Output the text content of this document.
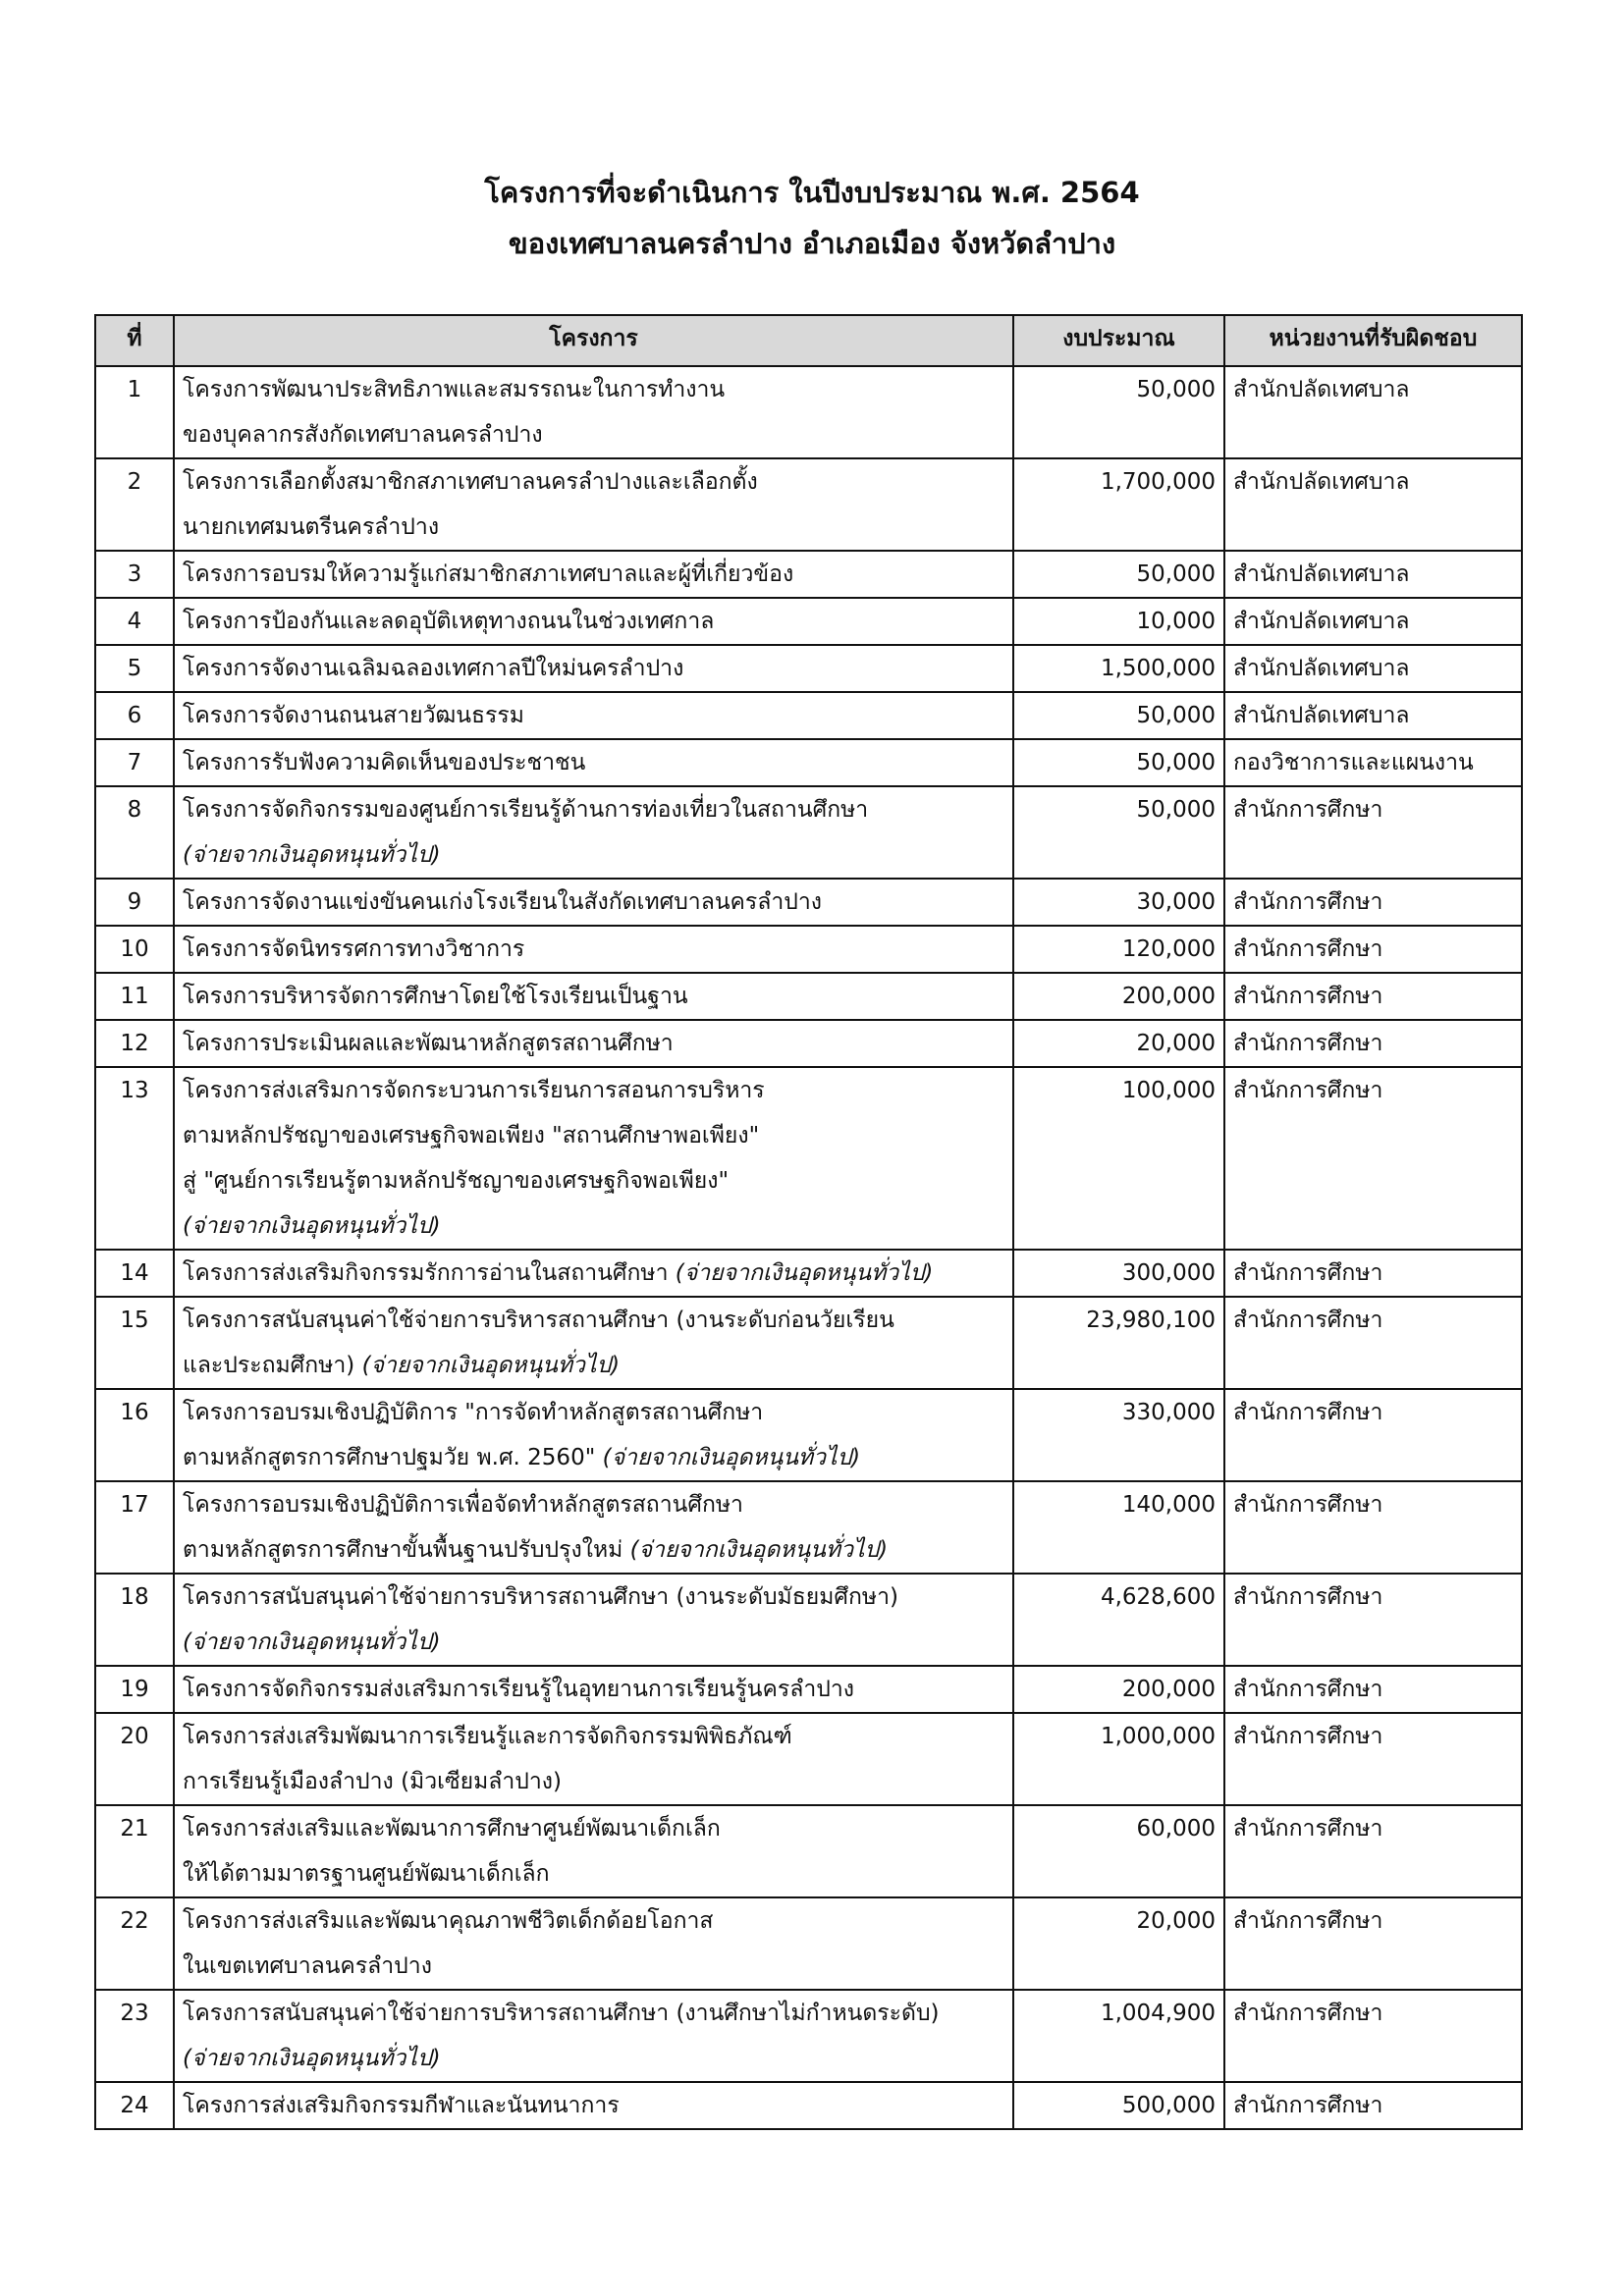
โครงการที่จะดำเนินการ ในปีงบประมาณ พ.ศ. 2564
ของเทศบาลนครลำปาง อำเภอเมือง จังหวัดลำปาง
ที่	โครงการ	งบประมาณ	หน่วยงานที่รับผิดชอบ
1	โครงการพัฒนาประสิทธิภาพและสมรรถนะในการทำงาน
ของบุคลากรสังกัดเทศบาลนครลำปาง	50,000	สำนักปลัดเทศบาล
2	โครงการเลือกตั้งสมาชิกสภาเทศบาลนครลำปางและเลือกตั้ง
นายกเทศมนตรีนครลำปาง	1,700,000	สำนักปลัดเทศบาล
3	โครงการอบรมให้ความรู้แก่สมาชิกสภาเทศบาลและผู้ที่เกี่ยวข้อง	50,000	สำนักปลัดเทศบาล
4	โครงการป้องกันและลดอุบัติเหตุทางถนนในช่วงเทศกาล	10,000	สำนักปลัดเทศบาล
5	โครงการจัดงานเฉลิมฉลองเทศกาลปีใหม่นครลำปาง	1,500,000	สำนักปลัดเทศบาล
6	โครงการจัดงานถนนสายวัฒนธรรม	50,000	สำนักปลัดเทศบาล
7	โครงการรับฟังความคิดเห็นของประชาชน	50,000	กองวิชาการและแผนงาน
8	โครงการจัดกิจกรรมของศูนย์การเรียนรู้ด้านการท่องเที่ยวในสถานศึกษา
(จ่ายจากเงินอุดหนุนทั่วไป)	50,000	สำนักการศึกษา
9	โครงการจัดงานแข่งขันคนเก่งโรงเรียนในสังกัดเทศบาลนครลำปาง	30,000	สำนักการศึกษา
10	โครงการจัดนิทรรศการทางวิชาการ	120,000	สำนักการศึกษา
11	โครงการบริหารจัดการศึกษาโดยใช้โรงเรียนเป็นฐาน	200,000	สำนักการศึกษา
12	โครงการประเมินผลและพัฒนาหลักสูตรสถานศึกษา	20,000	สำนักการศึกษา
13	โครงการส่งเสริมการจัดกระบวนการเรียนการสอนการบริหาร
ตามหลักปรัชญาของเศรษฐกิจพอเพียง "สถานศึกษาพอเพียง"
สู่ "ศูนย์การเรียนรู้ตามหลักปรัชญาของเศรษฐกิจพอเพียง"
(จ่ายจากเงินอุดหนุนทั่วไป)	100,000	สำนักการศึกษา
14	โครงการส่งเสริมกิจกรรมรักการอ่านในสถานศึกษา (จ่ายจากเงินอุดหนุนทั่วไป)	300,000	สำนักการศึกษา
15	โครงการสนับสนุนค่าใช้จ่ายการบริหารสถานศึกษา (งานระดับก่อนวัยเรียน
และประถมศึกษา) (จ่ายจากเงินอุดหนุนทั่วไป)	23,980,100	สำนักการศึกษา
16	โครงการอบรมเชิงปฏิบัติการ "การจัดทำหลักสูตรสถานศึกษา
ตามหลักสูตรการศึกษาปฐมวัย พ.ศ. 2560" (จ่ายจากเงินอุดหนุนทั่วไป)	330,000	สำนักการศึกษา
17	โครงการอบรมเชิงปฏิบัติการเพื่อจัดทำหลักสูตรสถานศึกษา
ตามหลักสูตรการศึกษาขั้นพื้นฐานปรับปรุงใหม่ (จ่ายจากเงินอุดหนุนทั่วไป)	140,000	สำนักการศึกษา
18	โครงการสนับสนุนค่าใช้จ่ายการบริหารสถานศึกษา (งานระดับมัธยมศึกษา)
(จ่ายจากเงินอุดหนุนทั่วไป)	4,628,600	สำนักการศึกษา
19	โครงการจัดกิจกรรมส่งเสริมการเรียนรู้ในอุทยานการเรียนรู้นครลำปาง	200,000	สำนักการศึกษา
20	โครงการส่งเสริมพัฒนาการเรียนรู้และการจัดกิจกรรมพิพิธภัณฑ์
การเรียนรู้เมืองลำปาง (มิวเซียมลำปาง)	1,000,000	สำนักการศึกษา
21	โครงการส่งเสริมและพัฒนาการศึกษาศูนย์พัฒนาเด็กเล็ก
ให้ได้ตามมาตรฐานศูนย์พัฒนาเด็กเล็ก	60,000	สำนักการศึกษา
22	โครงการส่งเสริมและพัฒนาคุณภาพชีวิตเด็กด้อยโอกาส
ในเขตเทศบาลนครลำปาง	20,000	สำนักการศึกษา
23	โครงการสนับสนุนค่าใช้จ่ายการบริหารสถานศึกษา (งานศึกษาไม่กำหนดระดับ)
(จ่ายจากเงินอุดหนุนทั่วไป)	1,004,900	สำนักการศึกษา
24	โครงการส่งเสริมกิจกรรมกีฬาและนันทนาการ	500,000	สำนักการศึกษา
